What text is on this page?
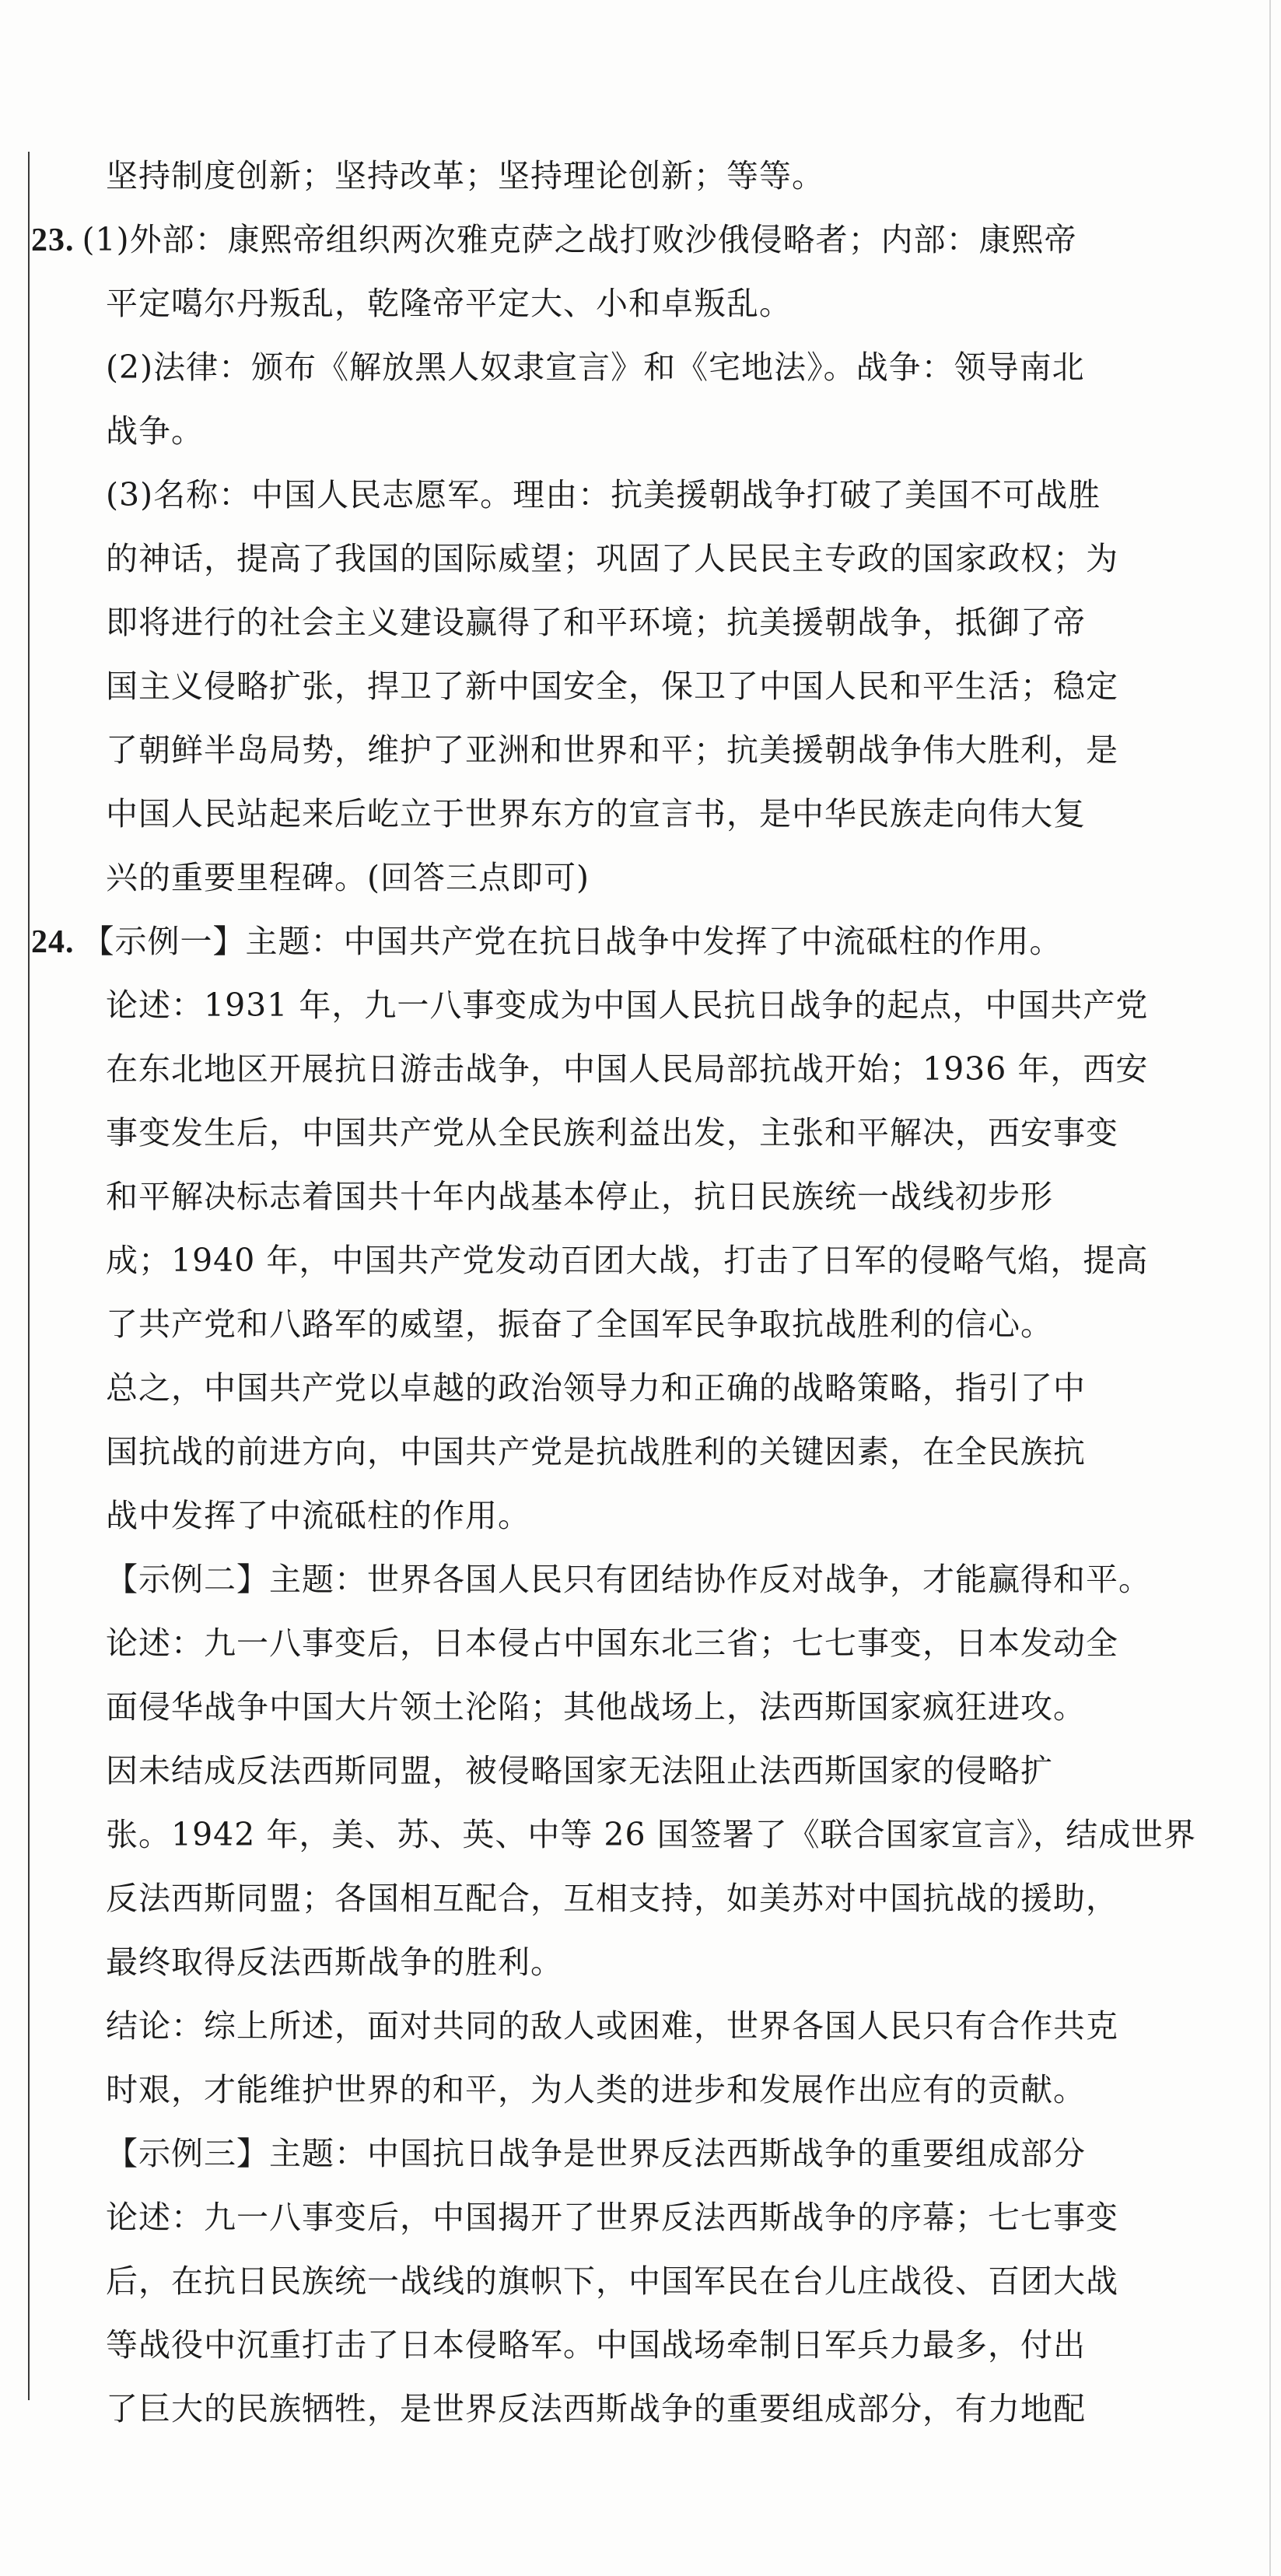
坚持制度创新；坚持改革；坚持理论创新；等等。
23. (1)外部：康熙帝组织两次雅克萨之战打败沙俄侵略者；内部：康熙帝
平定噶尔丹叛乱，乾隆帝平定大、小和卓叛乱。
(2)法律：颁布《解放黑人奴隶宣言》和《宅地法》。战争：领导南北
战争。
(3)名称：中国人民志愿军。理由：抗美援朝战争打破了美国不可战胜
的神话，提高了我国的国际威望；巩固了人民民主专政的国家政权；为
即将进行的社会主义建设赢得了和平环境；抗美援朝战争，抵御了帝
国主义侵略扩张，捍卫了新中国安全，保卫了中国人民和平生活；稳定
了朝鲜半岛局势，维护了亚洲和世界和平；抗美援朝战争伟大胜利，是
中国人民站起来后屹立于世界东方的宣言书，是中华民族走向伟大复
兴的重要里程碑。(回答三点即可)
24. 【示例一】主题：中国共产党在抗日战争中发挥了中流砥柱的作用。
论述：1931 年，九一八事变成为中国人民抗日战争的起点，中国共产党
在东北地区开展抗日游击战争，中国人民局部抗战开始；1936 年，西安
事变发生后，中国共产党从全民族利益出发，主张和平解决，西安事变
和平解决标志着国共十年内战基本停止，抗日民族统一战线初步形
成；1940 年，中国共产党发动百团大战，打击了日军的侵略气焰，提高
了共产党和八路军的威望，振奋了全国军民争取抗战胜利的信心。
总之，中国共产党以卓越的政治领导力和正确的战略策略，指引了中
国抗战的前进方向，中国共产党是抗战胜利的关键因素，在全民族抗
战中发挥了中流砥柱的作用。
【示例二】主题：世界各国人民只有团结协作反对战争，才能赢得和平。
论述：九一八事变后，日本侵占中国东北三省；七七事变，日本发动全
面侵华战争中国大片领土沦陷；其他战场上，法西斯国家疯狂进攻。
因未结成反法西斯同盟，被侵略国家无法阻止法西斯国家的侵略扩
张。1942 年，美、苏、英、中等 26 国签署了《联合国家宣言》，结成世界
反法西斯同盟；各国相互配合，互相支持，如美苏对中国抗战的援助，
最终取得反法西斯战争的胜利。
结论：综上所述，面对共同的敌人或困难，世界各国人民只有合作共克
时艰，才能维护世界的和平，为人类的进步和发展作出应有的贡献。
【示例三】主题：中国抗日战争是世界反法西斯战争的重要组成部分
论述：九一八事变后，中国揭开了世界反法西斯战争的序幕；七七事变
后，在抗日民族统一战线的旗帜下，中国军民在台儿庄战役、百团大战
等战役中沉重打击了日本侵略军。中国战场牵制日军兵力最多，付出
了巨大的民族牺牲，是世界反法西斯战争的重要组成部分，有力地配
